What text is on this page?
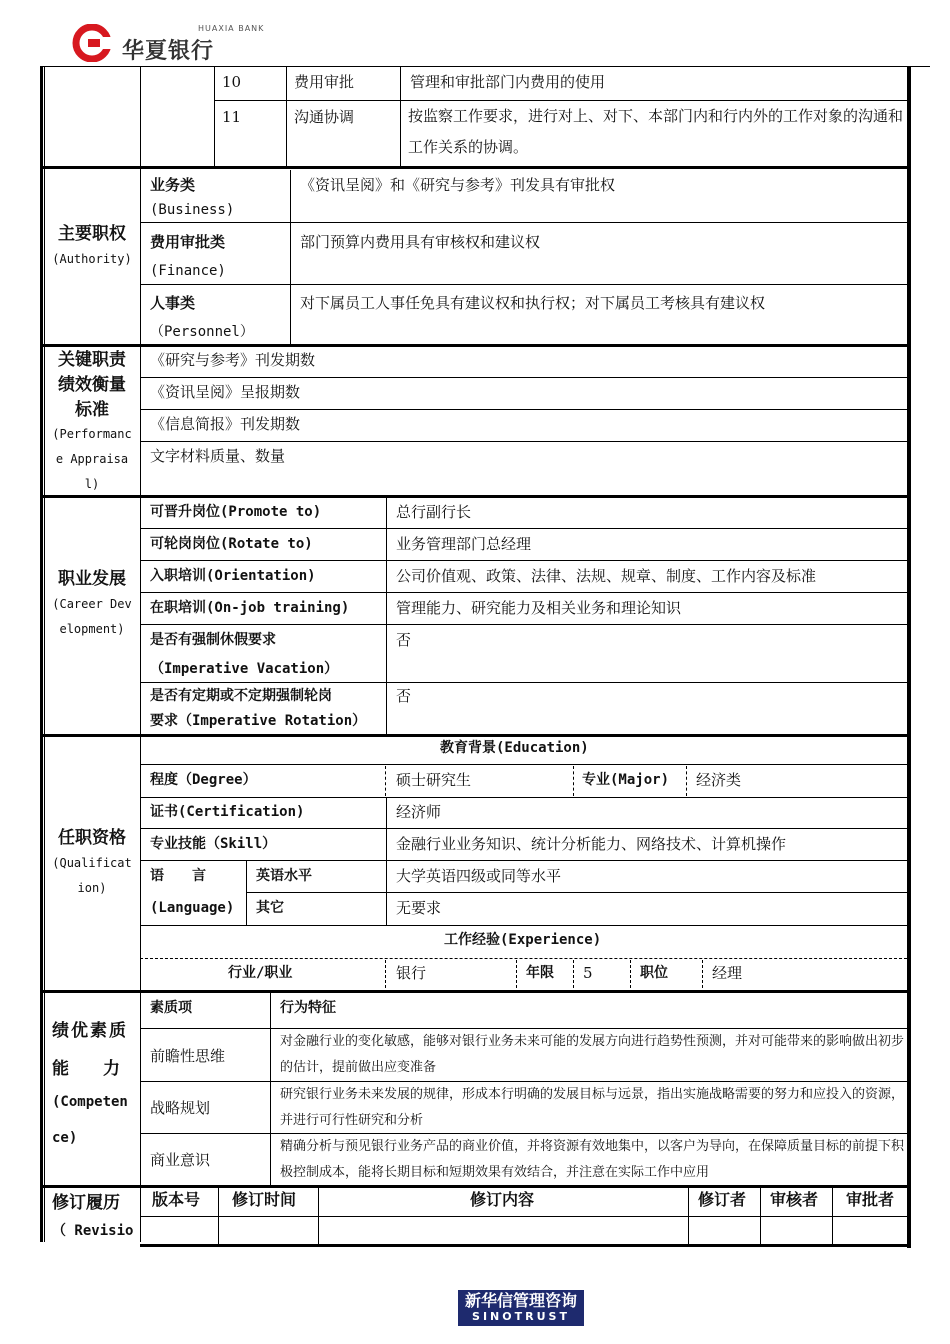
HUAXIA BANK
华夏银行
10	费用审批	管理和审批部门内费用的使用
11	沟通协调	按监察工作要求，进行对上、对下、本部门内和行内外的工作对象的沟通和工作关系的协调。
主要职权
(Authority)
业务类
(Business)
《资讯呈阅》和《研究与参考》刊发具有审批权
费用审批类
(Finance)
部门预算内费用具有审核权和建议权
人事类
（Personnel）
对下属员工人事任免具有建议权和执行权；对下属员工考核具有建议权
关键职责绩效衡量标准
(Performance Appraisal)
《研究与参考》刊发期数
《资讯呈阅》呈报期数
《信息简报》刊发期数
文字材料质量、数量
职业发展
(Career Development)
可晋升岗位(Promote to)	总行副行长
可轮岗岗位(Rotate to)	业务管理部门总经理
入职培训(Orientation)	公司价值观、政策、法律、法规、规章、制度、工作内容及标准
在职培训(On-job training)	管理能力、研究能力及相关业务和理论知识
是否有强制休假要求
（Imperative Vacation）
否
是否有定期或不定期强制轮岗
要求（Imperative Rotation）
否
任职资格
(Qualification)
教育背景(Education)
程度（Degree）	硕士研究生	专业(Major) 经济类
证书(Certification)	经济师
专业技能（Skill）	金融行业业务知识、统计分析能力、网络技术、计算机操作
语　　言
(Language)
英语水平	大学英语四级或同等水平
其它	无要求
工作经验(Experience)
行业/职业	银行	年限 5	职位	经理
绩优素质
能　　力
(Competen
ce)
素质项	行为特征
前瞻性思维
对金融行业的变化敏感，能够对银行业务未来可能的发展方向进行趋势性预测，并对可能带来的影响做出初步的估计，提前做出应变准备
战略规划
研究银行业务未来发展的规律，形成本行明确的发展目标与远景，指出实施战略需要的努力和应投入的资源，并进行可行性研究和分析
商业意识
精确分析与预见银行业务产品的商业价值，并将资源有效地集中，以客户为导向，在保障质量目标的前提下积极控制成本，能将长期目标和短期效果有效结合，并注意在实际工作中应用
修订履历
（ Revisio
版本号 修订时间	修订内容	修订者 审核者 审批者
新华信管理咨询
SINOTRUST
